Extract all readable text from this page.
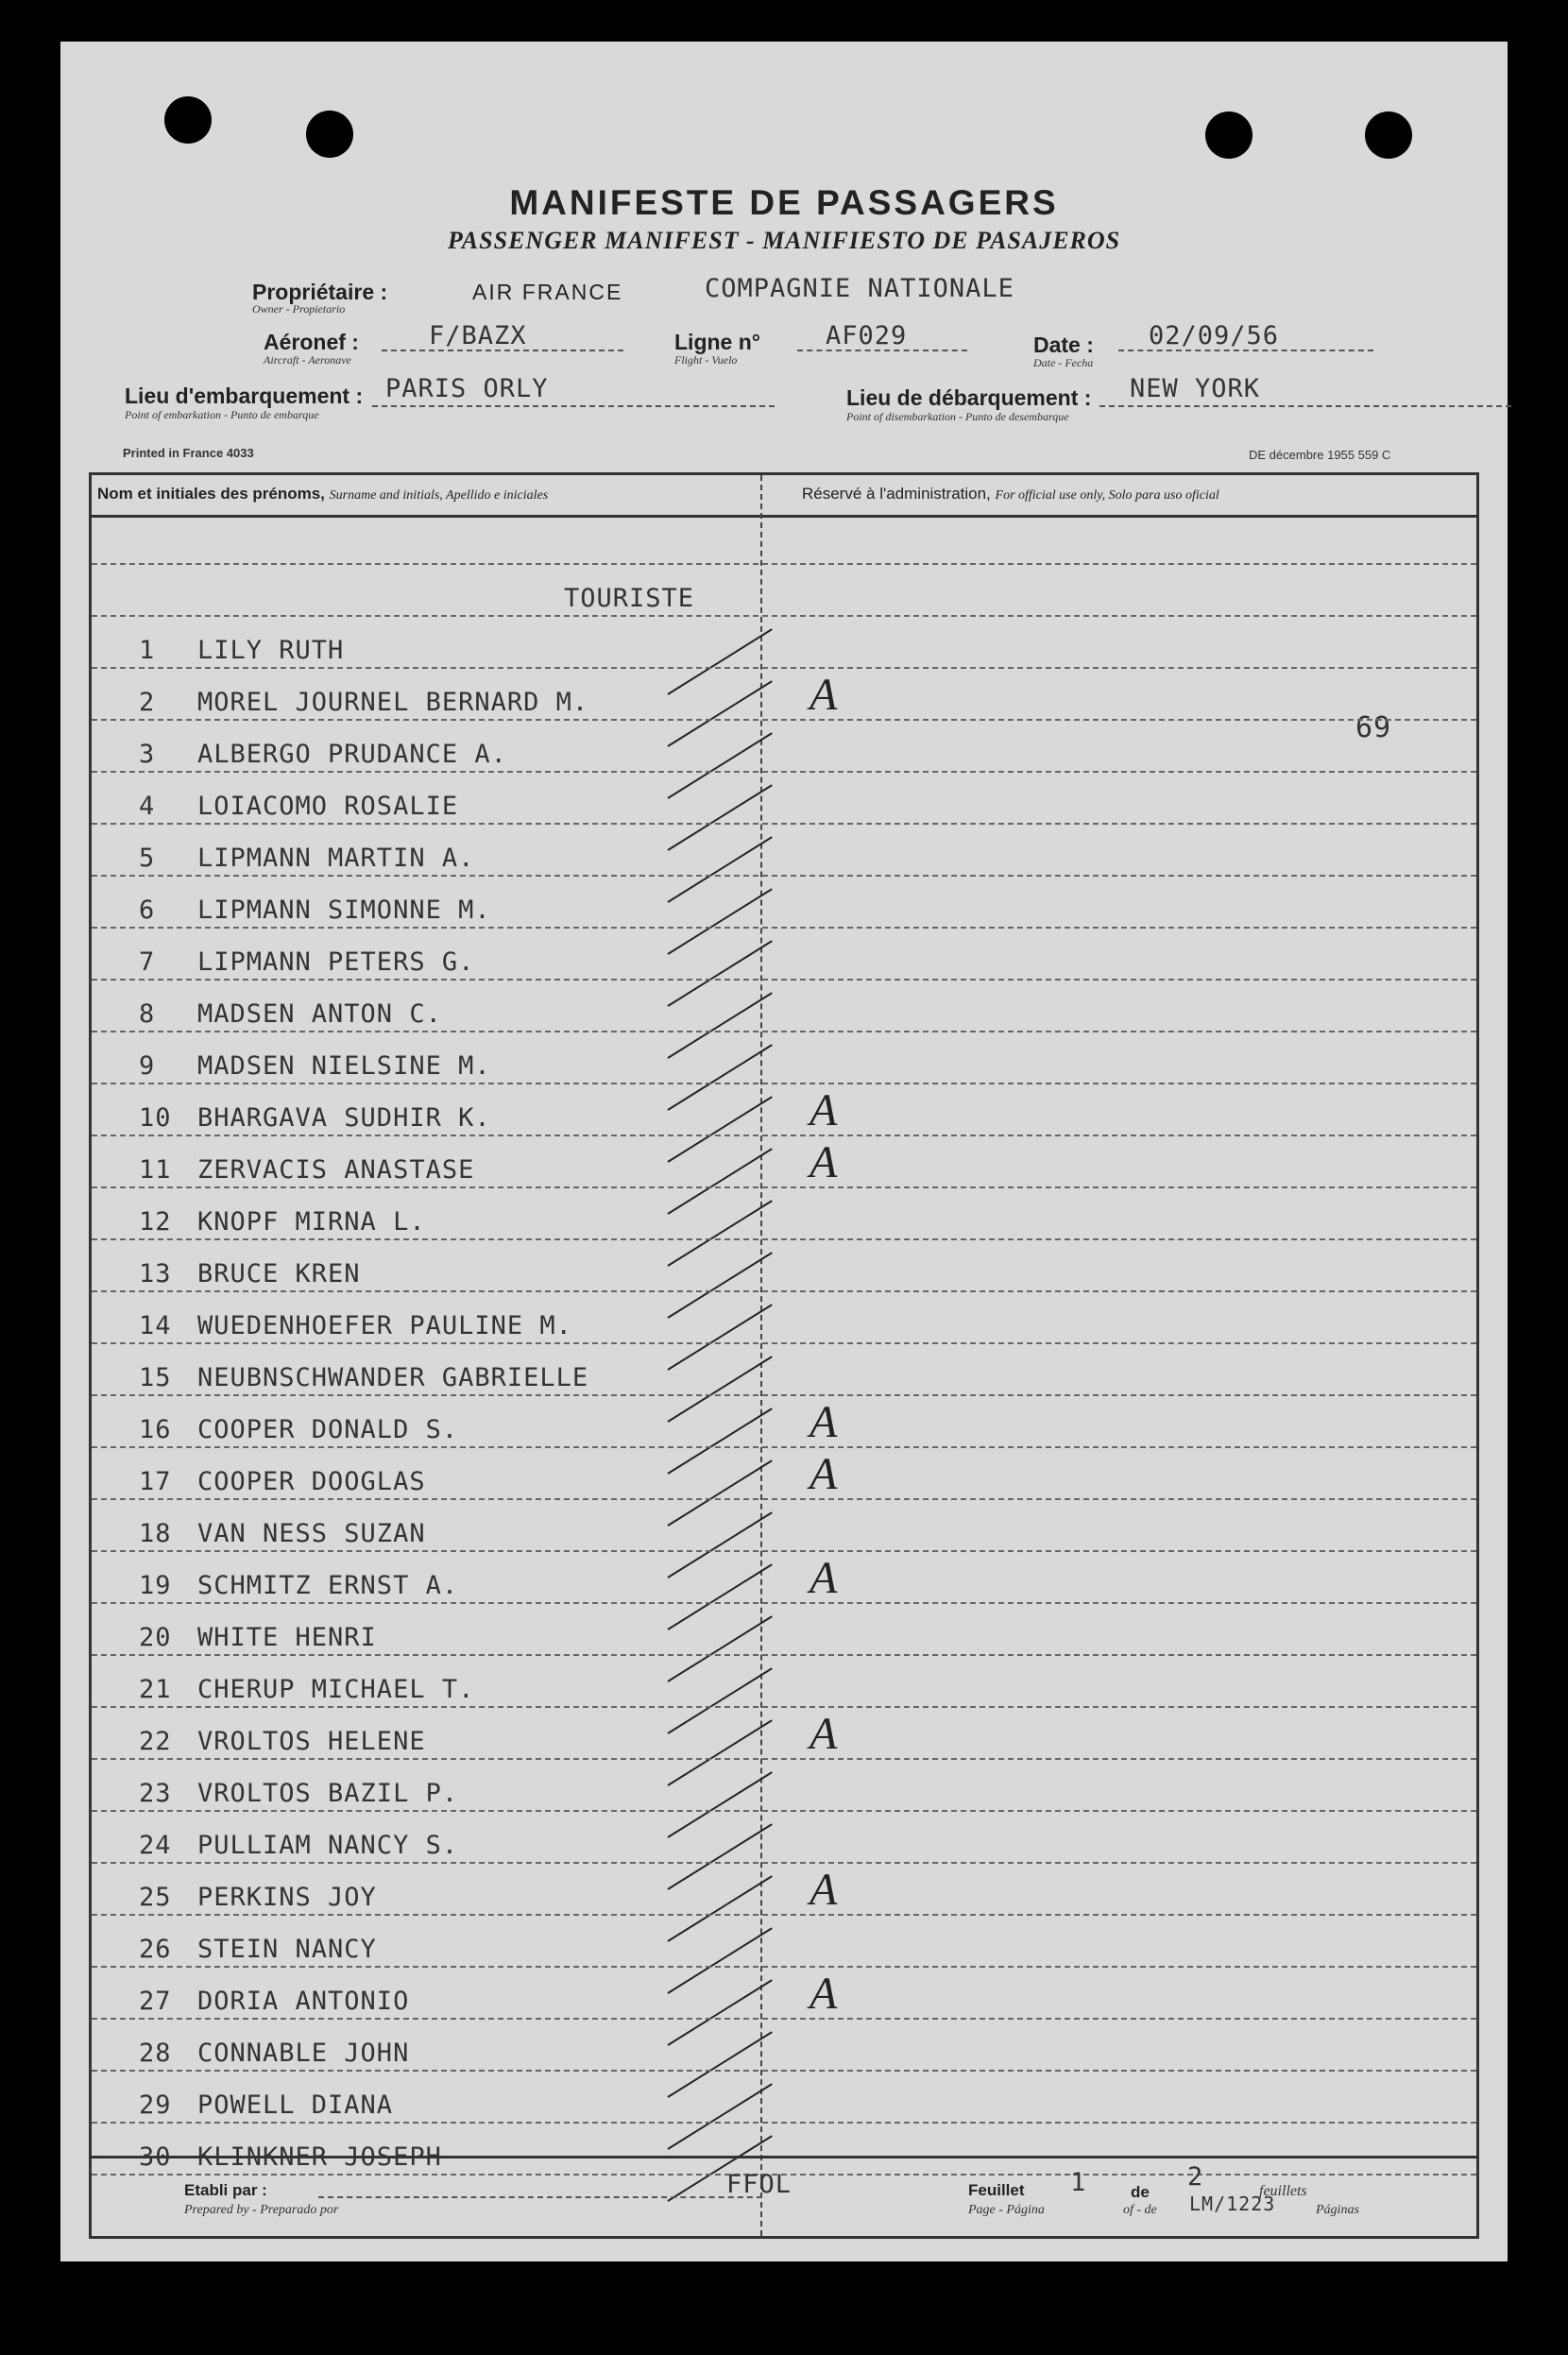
MANIFESTE DE PASSAGERS
PASSENGER MANIFEST - MANIFIESTO DE PASAJEROS
Propriétaire :
Owner - Propietario
AIR FRANCE	COMPAGNIE NATIONALE
Aéronef :
Aircraft - Aeronave
F/BAZX	Ligne n°
Flight - Vuelo
AF029	Date :
Date - Fecha
02/09/56
Lieu d'embarquement :
Point of embarkation - Punto de embarque
PARIS ORLY	Lieu de débarquement :
Point of disembarkation - Punto de desembarque
NEW YORK
Printed in France 4033	DE décembre 1955 559 C
Nom et initiales des prénoms, Surname and initials, Apellido e iniciales	Réservé à l'administration, For official use only, Solo para uso oficial
TOURISTE
69
1 LILY RUTH
2 MOREL JOURNEL BERNARD M.	A
3 ALBERGO PRUDANCE A.
4 LOIACOMO ROSALIE
5 LIPMANN MARTIN A.
6 LIPMANN SIMONNE M.
7 LIPMANN PETERS G.
8 MADSEN ANTON C.
9 MADSEN NIELSINE M.
10 BHARGAVA SUDHIR K.	A
11 ZERVACIS ANASTASE	A
12 KNOPF MIRNA L.
13 BRUCE KREN
14 WUEDENHOEFER PAULINE M.
15 NEUBNSCHWANDER GABRIELLE
16 COOPER DONALD S.	A
17 COOPER DOOGLAS	A
18 VAN NESS SUZAN
19 SCHMITZ ERNST A.	A
20 WHITE HENRI
21 CHERUP MICHAEL T.
22 VROLTOS HELENE	A
23 VROLTOS BAZIL P.
24 PULLIAM NANCY S.
25 PERKINS JOY	A
26 STEIN NANCY
27 DORIA ANTONIO	A
28 CONNABLE JOHN
29 POWELL DIANA
30 KLINKNER JOSEPH
Etabli par :
Prepared by - Preparado por
FFOL	Feuillet
Page - Página
1	de
of - de
2	feuillets
Páginas
LM/1223
